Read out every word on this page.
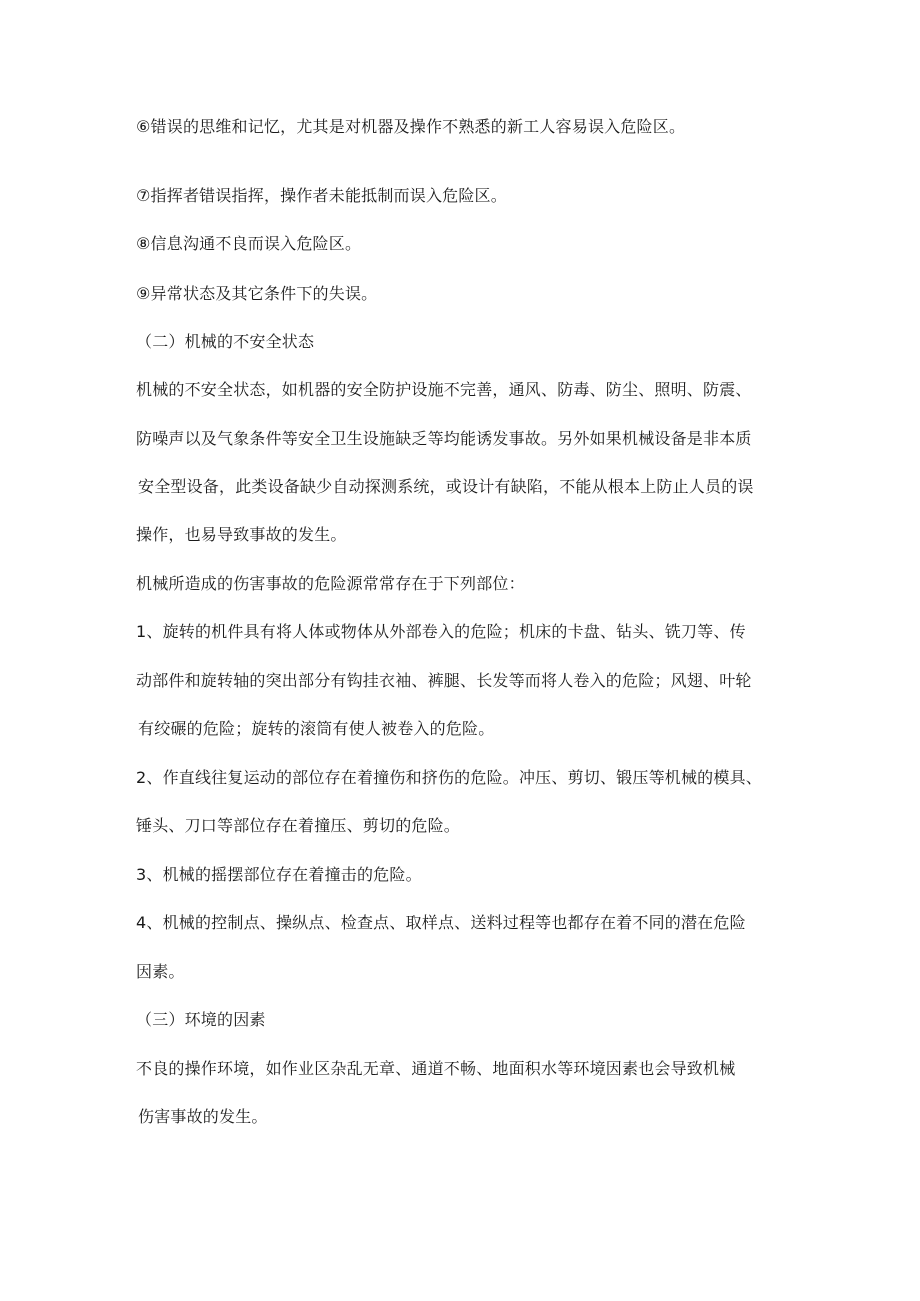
⑥错误的思维和记忆，尤其是对机器及操作不熟悉的新工人容易误入危险区。
⑦指挥者错误指挥，操作者未能抵制而误入危险区。
⑧信息沟通不良而误入危险区。
⑨异常状态及其它条件下的失误。
（二）机械的不安全状态
机械的不安全状态，如机器的安全防护设施不完善，通风、防毒、防尘、照明、防震、
防噪声以及气象条件等安全卫生设施缺乏等均能诱发事故。另外如果机械设备是非本质
安全型设备，此类设备缺少自动探测系统，或设计有缺陷，不能从根本上防止人员的误
操作，也易导致事故的发生。
机械所造成的伤害事故的危险源常常存在于下列部位：
1、旋转的机件具有将人体或物体从外部卷入的危险；机床的卡盘、钻头、铣刀等、传
动部件和旋转轴的突出部分有钩挂衣袖、裤腿、长发等而将人卷入的危险；风翅、叶轮
有绞碾的危险；旋转的滚筒有使人被卷入的危险。
2、作直线往复运动的部位存在着撞伤和挤伤的危险。冲压、剪切、锻压等机械的模具、
锤头、刀口等部位存在着撞压、剪切的危险。
3、机械的摇摆部位存在着撞击的危险。
4、机械的控制点、操纵点、检查点、取样点、送料过程等也都存在着不同的潜在危险
因素。
（三）环境的因素
不良的操作环境，如作业区杂乱无章、通道不畅、地面积水等环境因素也会导致机械
伤害事故的发生。
